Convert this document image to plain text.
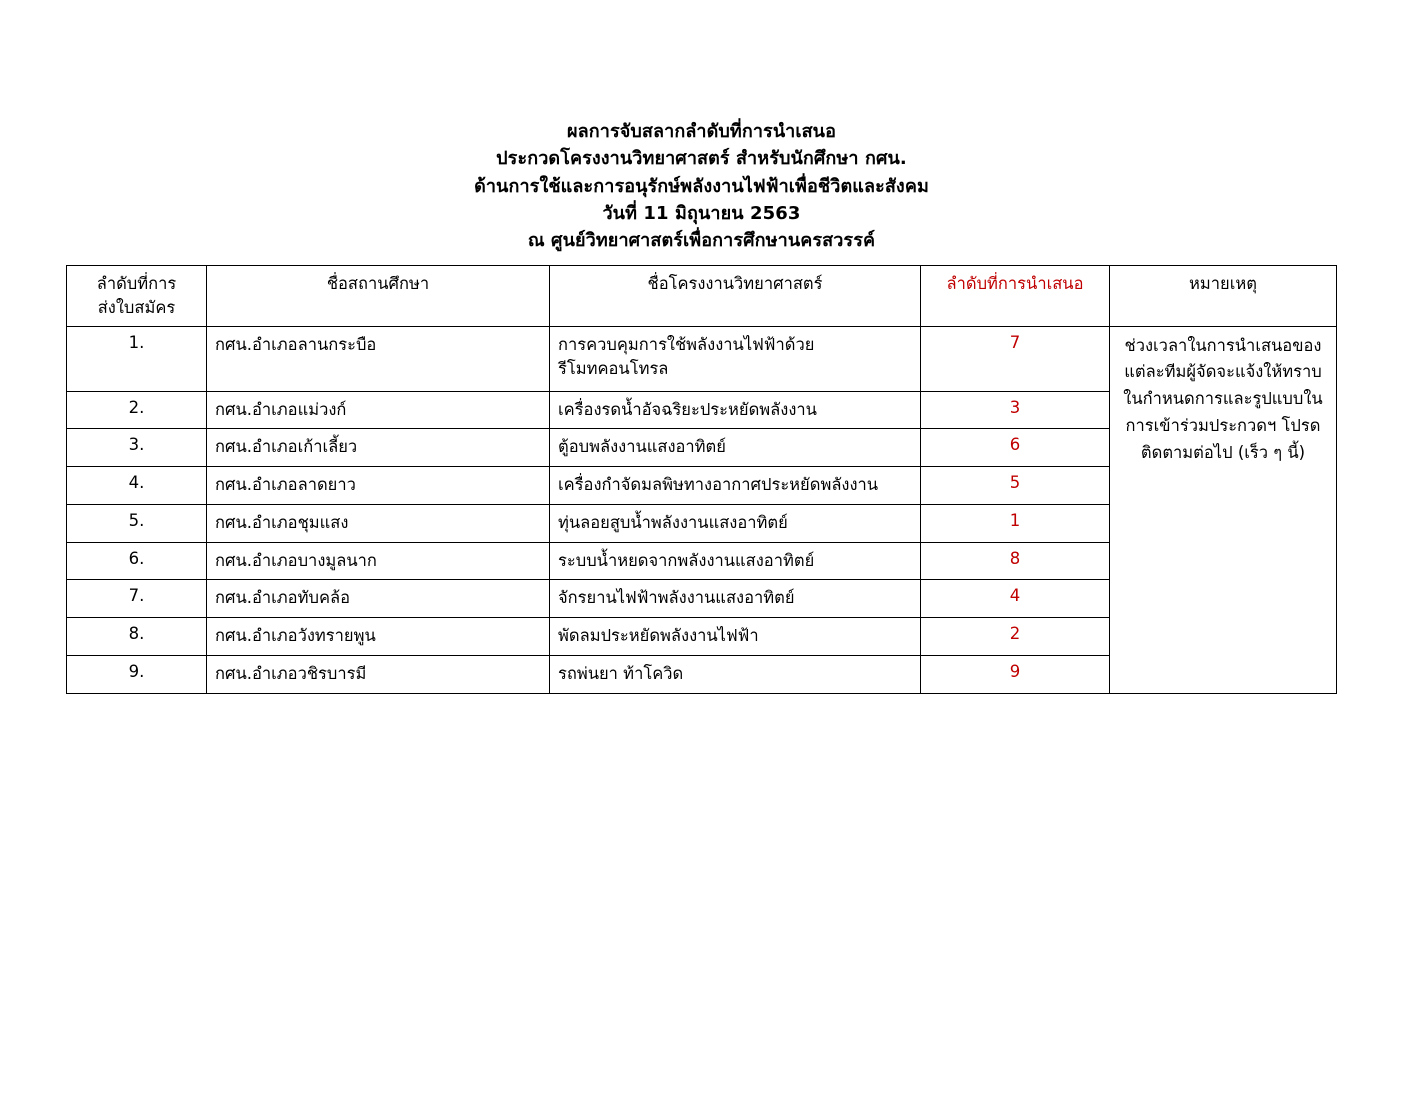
ผลการจับสลากลำดับที่การนำเสนอ
ประกวดโครงงานวิทยาศาสตร์ สำหรับนักศึกษา กศน.
ด้านการใช้และการอนุรักษ์พลังงานไฟฟ้าเพื่อชีวิตและสังคม
วันที่ 11 มิถุนายน 2563
ณ ศูนย์วิทยาศาสตร์เพื่อการศึกษานครสวรรค์
ลำดับที่การ
ส่งใบสมัคร	ชื่อสถานศึกษา	ชื่อโครงงานวิทยาศาสตร์	ลำดับที่การนำเสนอ	หมายเหตุ
1.	กศน.อำเภอลานกระบือ	การควบคุมการใช้พลังงานไฟฟ้าด้วยรีโมทคอนโทรล	7	ช่วงเวลาในการนำเสนอของแต่ละทีมผู้จัดจะแจ้งให้ทราบในกำหนดการและรูปแบบในการเข้าร่วมประกวดฯ โปรดติดตามต่อไป (เร็ว ๆ นี้)
2.	กศน.อำเภอแม่วงก์	เครื่องรดน้ำอัจฉริยะประหยัดพลังงาน	3	
3.	กศน.อำเภอเก้าเลี้ยว	ตู้อบพลังงานแสงอาทิตย์	6	
4.	กศน.อำเภอลาดยาว	เครื่องกำจัดมลพิษทางอากาศประหยัดพลังงาน	5	
5.	กศน.อำเภอชุมแสง	ทุ่นลอยสูบน้ำพลังงานแสงอาทิตย์	1	
6.	กศน.อำเภอบางมูลนาก	ระบบน้ำหยดจากพลังงานแสงอาทิตย์	8	
7.	กศน.อำเภอทับคล้อ	จักรยานไฟฟ้าพลังงานแสงอาทิตย์	4	
8.	กศน.อำเภอวังทรายพูน	พัดลมประหยัดพลังงานไฟฟ้า	2	
9.	กศน.อำเภอวชิรบารมี	รถพ่นยา ท้าโควิด	9	
